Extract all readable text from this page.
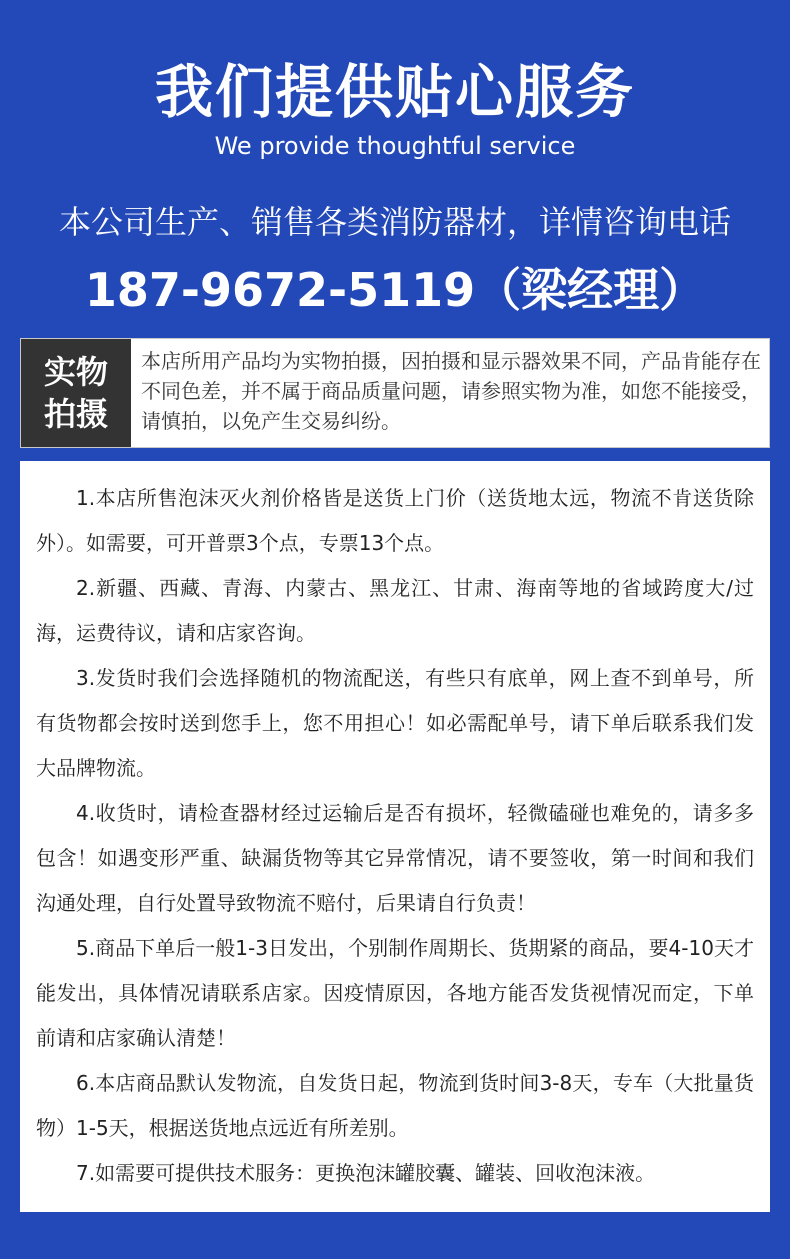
我们提供贴心服务
We provide thoughtful service
本公司生产、销售各类消防器材，详情咨询电话
187-9672-5119（梁经理）
实物拍摄
本店所用产品均为实物拍摄，因拍摄和显示器效果不同，产品肯能存在不同色差，并不属于商品质量问题，请参照实物为准，如您不能接受，请慎拍，以免产生交易纠纷。

1.本店所售泡沫灭火剂价格皆是送货上门价（送货地太远，物流不肯送货除外）。如需要，可开普票3个点，专票13个点。

2.新疆、西藏、青海、内蒙古、黑龙江、甘肃、海南等地的省域跨度大/过海，运费待议，请和店家咨询。

3.发货时我们会选择随机的物流配送，有些只有底单，网上查不到单号，所有货物都会按时送到您手上，您不用担心！如必需配单号，请下单后联系我们发大品牌物流。

4.收货时，请检查器材经过运输后是否有损坏，轻微磕碰也难免的，请多多包含！如遇变形严重、缺漏货物等其它异常情况，请不要签收，第一时间和我们沟通处理，自行处置导致物流不赔付，后果请自行负责！

5.商品下单后一般1-3日发出，个别制作周期长、货期紧的商品，要4-10天才能发出，具体情况请联系店家。因疫情原因，各地方能否发货视情况而定，下单前请和店家确认清楚！

6.本店商品默认发物流，自发货日起，物流到货时间3-8天，专车（大批量货物）1-5天，根据送货地点远近有所差别。

7.如需要可提供技术服务：更换泡沫罐胶囊、罐装、回收泡沫液。
